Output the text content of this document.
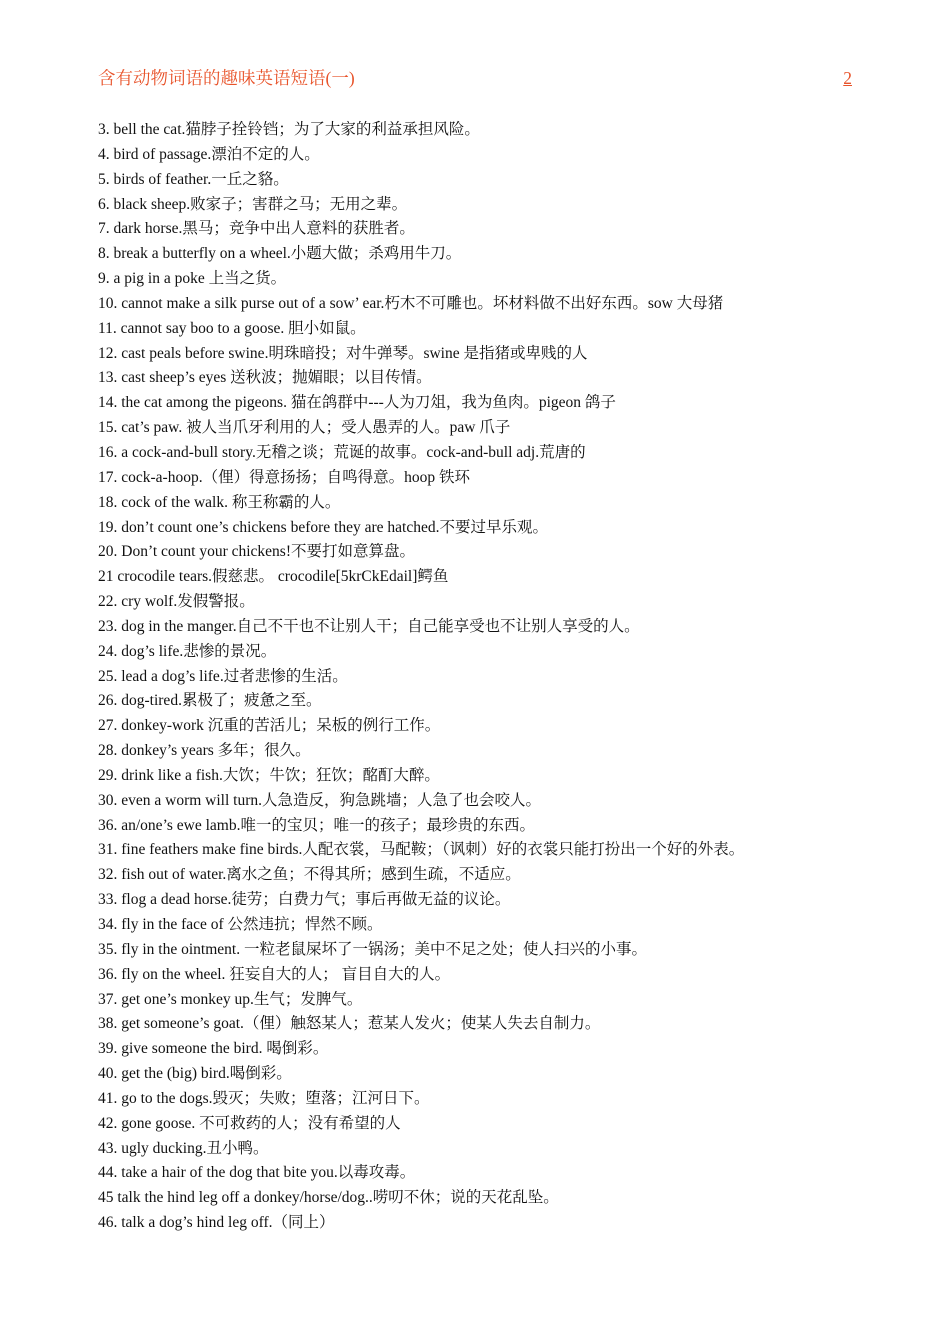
含有动物词语的趣味英语短语(一)	2
3. bell the cat.猫脖子拴铃铛；为了大家的利益承担风险。
4. bird of passage.漂泊不定的人。
5. birds of feather.一丘之貉。
6. black sheep.败家子；害群之马；无用之辈。
7. dark horse.黑马；竞争中出人意料的获胜者。
8. break a butterfly on a wheel.小题大做；杀鸡用牛刀。
9. a pig in a poke 上当之货。
10. cannot make a silk purse out of a sow’ ear.朽木不可雕也。坏材料做不出好东西。sow 大母猪
11. cannot say boo to a goose. 胆小如鼠。
12. cast peals before swine.明珠暗投；对牛弹琴。swine 是指猪或卑贱的人
13. cast sheep’s eyes 送秋波；抛媚眼；以目传情。
14. the cat among the pigeons. 猫在鸽群中---人为刀俎，我为鱼肉。pigeon 鸽子
15. cat’s paw. 被人当爪牙利用的人；受人愚弄的人。paw 爪子
16. a cock-and-bull story.无稽之谈；荒诞的故事。cock-and-bull adj.荒唐的
17. cock-a-hoop.（俚）得意扬扬；自鸣得意。hoop 铁环
18. cock of the walk. 称王称霸的人。
19. don’t count one’s chickens before they are hatched.不要过早乐观。
20. Don’t count your chickens!不要打如意算盘。
21 crocodile tears.假慈悲。 crocodile[5krCkEdail]鳄鱼
22. cry wolf.发假警报。
23. dog in the manger.自己不干也不让别人干；自己能享受也不让别人享受的人。
24. dog’s life.悲惨的景况。
25. lead a dog’s life.过者悲惨的生活。
26. dog-tired.累极了；疲惫之至。
27. donkey-work 沉重的苦活儿；呆板的例行工作。
28. donkey’s years 多年；很久。
29. drink like a fish.大饮；牛饮；狂饮；酩酊大醉。
30. even a worm will turn.人急造反，狗急跳墙；人急了也会咬人。
36. an/one’s ewe lamb.唯一的宝贝；唯一的孩子；最珍贵的东西。
31. fine feathers make fine birds.人配衣裳，马配鞍；（讽刺）好的衣裳只能打扮出一个好的外表。
32. fish out of water.离水之鱼；不得其所；感到生疏，不适应。
33. flog a dead horse.徒劳；白费力气；事后再做无益的议论。
34. fly in the face of 公然违抗；悍然不顾。
35. fly in the ointment. 一粒老鼠屎坏了一锅汤；美中不足之处；使人扫兴的小事。
36. fly on the wheel. 狂妄自大的人； 盲目自大的人。
37. get one’s monkey up.生气；发脾气。
38. get someone’s goat.（俚）触怒某人；惹某人发火；使某人失去自制力。
39. give someone the bird. 喝倒彩。
40. get the (big) bird.喝倒彩。
41. go to the dogs.毁灭；失败；堕落；江河日下。
42. gone goose. 不可救药的人；没有希望的人
43. ugly ducking.丑小鸭。
44. take a hair of the dog that bite you.以毒攻毒。
45 talk the hind leg off a donkey/horse/dog..唠叨不休；说的天花乱坠。
46. talk a dog’s hind leg off.（同上）
